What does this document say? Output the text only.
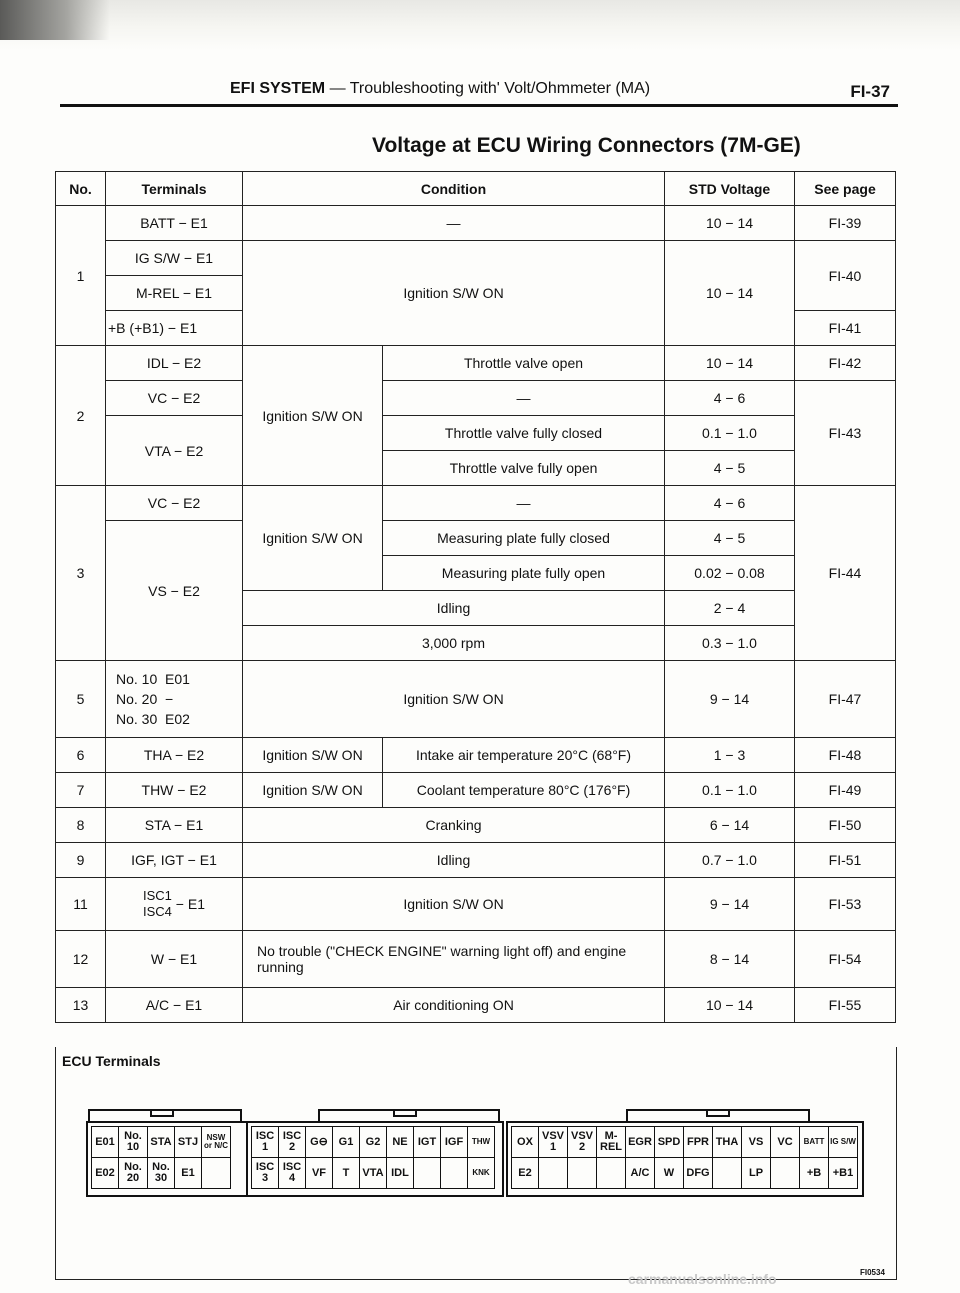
EFI SYSTEM — Troubleshooting with' Volt/Ohmmeter (MA)	FI-37
Voltage at ECU Wiring Connectors (7M-GE)
No.	Terminals	Condition		STD Voltage	See page
1	BATT − E1	—		10 − 14	FI-39
	IG S/W − E1	Ignition S/W ON		10 − 14	FI-40
	M-REL − E1				
	+B (+B1) − E1				FI-41
2	IDL − E2	Ignition S/W ON	Throttle valve open	10 − 14	FI-42
	VC − E2		—	4 − 6	FI-43
	VTA − E2		Throttle valve fully closed	0.1 − 1.0	
			Throttle valve fully open	4 − 5	
3	VC − E2	Ignition S/W ON	—	4 − 6	FI-44
	VS − E2		Measuring plate fully closed	4 − 5	
			Measuring plate fully open	0.02 − 0.08	
		Idling		2 − 4	
		3,000 rpm		0.3 − 1.0	
5	No. 10  E01
No. 20  −
No. 30  E02	Ignition S/W ON		9 − 14	FI-47
6	THA − E2	Ignition S/W ON	Intake air temperature 20°C (68°F)	1 − 3	FI-48
7	THW − E2	Ignition S/W ON	Coolant temperature 80°C (176°F)	0.1 − 1.0	FI-49
8	STA − E1	Cranking		6 − 14	FI-50
9	IGF, IGT − E1	Idling		0.7 − 1.0	FI-51
11	ISC1
ISC4 − E1	Ignition S/W ON		9 − 14	FI-53
12	W − E1	No trouble ("CHECK ENGINE" warning light off) and engine running		8 − 14	FI-54
13	A/C − E1	Air conditioning ON		10 − 14	FI-55
ECU Terminals
E01	No. 10	STA	STJ	NSW or N/C
E02	No. 20	No. 30	E1	
ISC 1	ISC 2	G⊖	G1	G2	NE	IGT	IGF	THW
ISC 3	ISC 4	VF	T	VTA	IDL			KNK
OX	VSV 1	VSV 2	M-REL	EGR	SPD	FPR	THA	VS	VC	BATT	IG S/W
E2				A/C	W	DFG		LP		+B	+B1
carmanualsonline.info	FI0534
